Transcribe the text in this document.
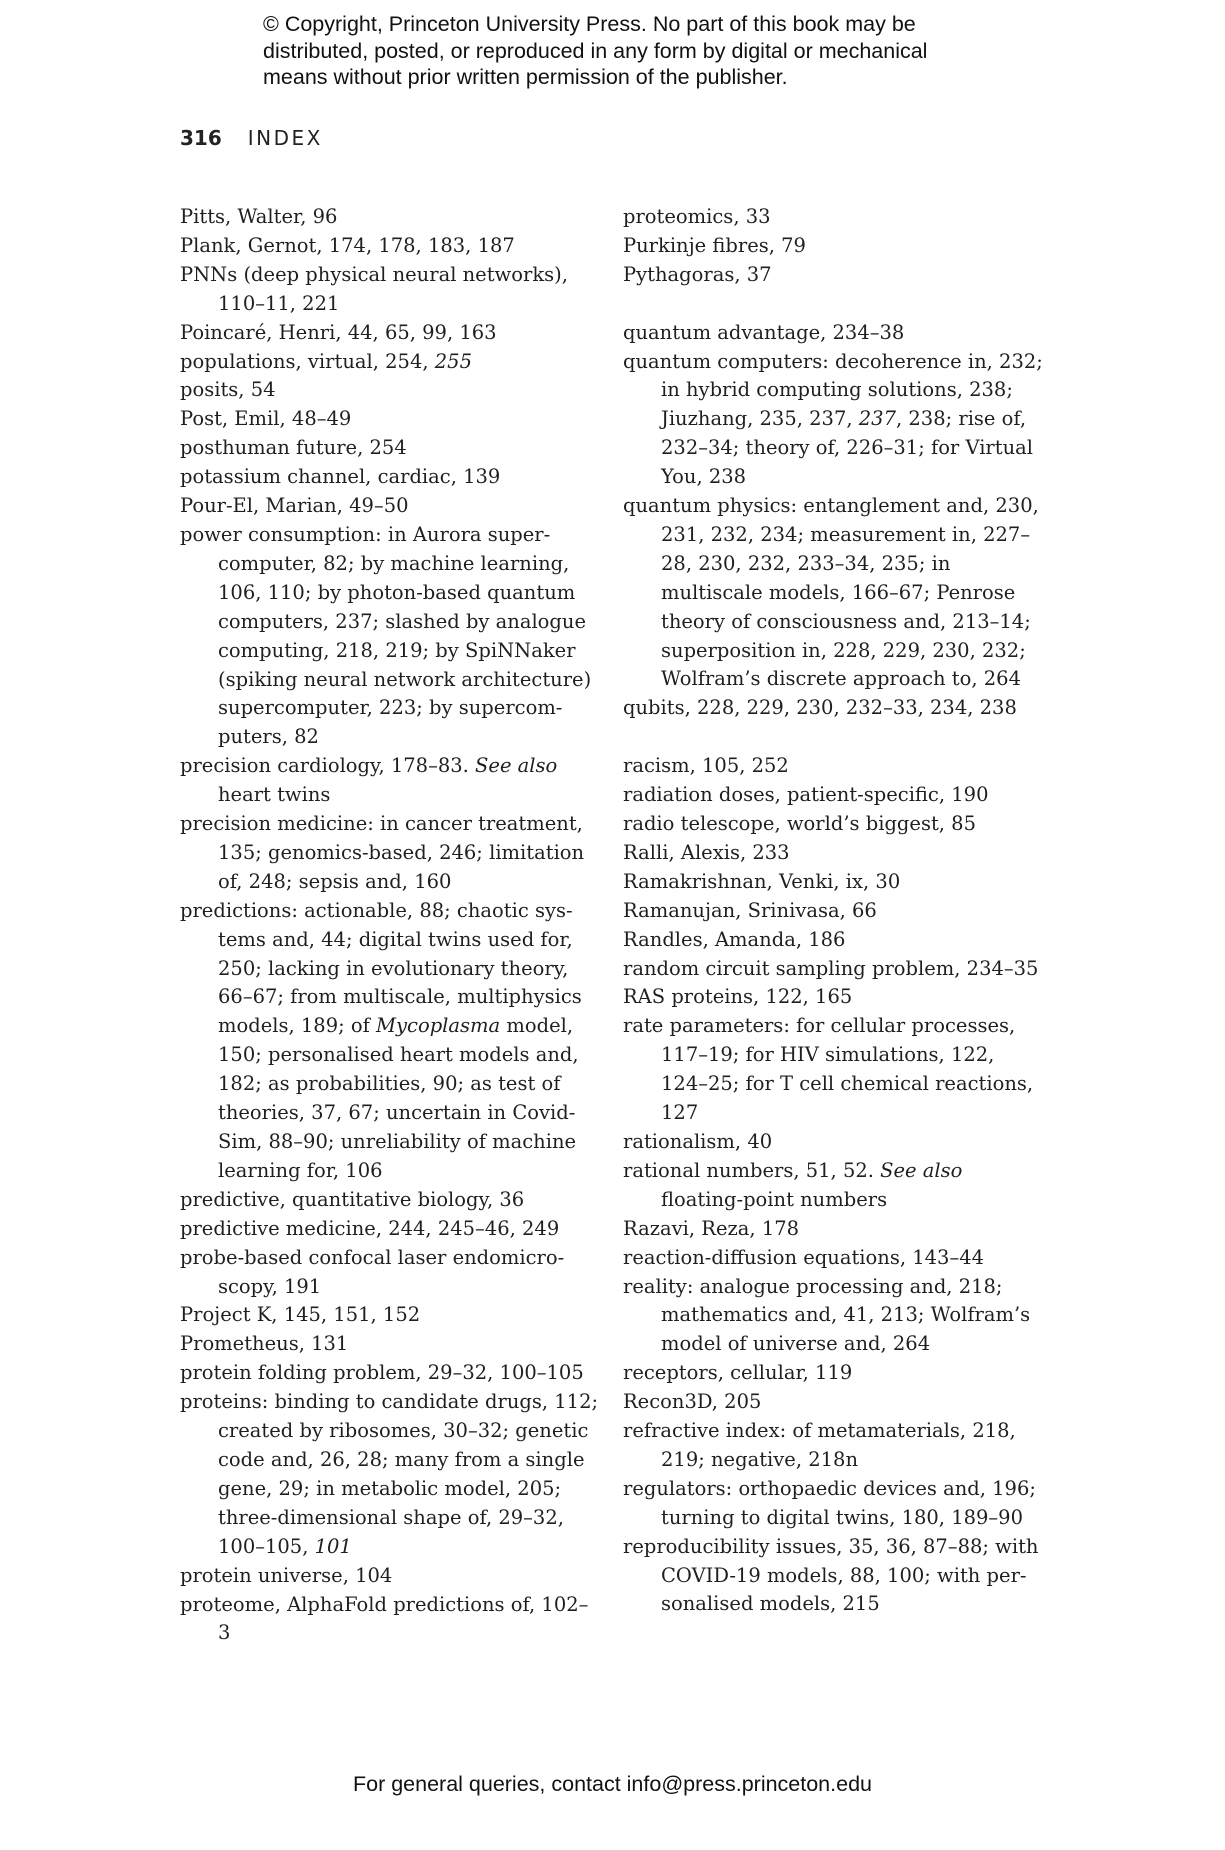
© Copyright, Princeton University Press. No part of this book may be
distributed, posted, or reproduced in any form by digital or mechanical
means without prior written permission of the publisher.
316 INDEX
Pitts, Walter, 96
Plank, Gernot, 174, 178, 183, 187
PNNs (deep physical neural networks), 110–11, 221
Poincaré, Henri, 44, 65, 99, 163
populations, virtual, 254, 255
posits, 54
Post, Emil, 48–49
posthuman future, 254
potassium channel, cardiac, 139
Pour-El, Marian, 49–50
power consumption: in Aurora super-computer, 82; by machine learning, 106, 110; by photon-based quantum computers, 237; slashed by analogue computing, 218, 219; by SpiNNaker (spiking neural network architecture) supercomputer, 223; by supercom-puters, 82
precision cardiology, 178–83. See also heart twins
precision medicine: in cancer treatment, 135; genomics-based, 246; limitation of, 248; sepsis and, 160
predictions: actionable, 88; chaotic sys-tems and, 44; digital twins used for, 250; lacking in evolutionary theory, 66–67; from multiscale, multiphysics models, 189; of Mycoplasma model, 150; personalised heart models and, 182; as probabilities, 90; as test of theories, 37, 67; uncertain in Covid-Sim, 88–90; unreliability of machine learning for, 106
predictive, quantitative biology, 36
predictive medicine, 244, 245–46, 249
probe-based confocal laser endomicro-scopy, 191
Project K, 145, 151, 152
Prometheus, 131
protein folding problem, 29–32, 100–105
proteins: binding to candidate drugs, 112; created by ribosomes, 30–32; genetic code and, 26, 28; many from a single gene, 29; in metabolic model, 205; three-dimensional shape of, 29–32, 100–105, 101
protein universe, 104
proteome, AlphaFold predictions of, 102–3
proteomics, 33
Purkinje fibres, 79
Pythagoras, 37
quantum advantage, 234–38
quantum computers: decoherence in, 232; in hybrid computing solutions, 238; Jiuzhang, 235, 237, 237, 238; rise of, 232–34; theory of, 226–31; for Virtual You, 238
quantum physics: entanglement and, 230, 231, 232, 234; measurement in, 227–28, 230, 232, 233–34, 235; in multiscale models, 166–67; Penrose theory of consciousness and, 213–14; superposition in, 228, 229, 230, 232; Wolfram’s discrete approach to, 264
qubits, 228, 229, 230, 232–33, 234, 238
racism, 105, 252
radiation doses, patient-specific, 190
radio telescope, world’s biggest, 85
Ralli, Alexis, 233
Ramakrishnan, Venki, ix, 30
Ramanujan, Srinivasa, 66
Randles, Amanda, 186
random circuit sampling problem, 234–35
RAS proteins, 122, 165
rate parameters: for cellular processes, 117–19; for HIV simulations, 122, 124–25; for T cell chemical reactions, 127
rationalism, 40
rational numbers, 51, 52. See also floating-point numbers
Razavi, Reza, 178
reaction-diffusion equations, 143–44
reality: analogue processing and, 218; mathematics and, 41, 213; Wolfram’s model of universe and, 264
receptors, cellular, 119
Recon3D, 205
refractive index: of metamaterials, 218, 219; negative, 218n
regulators: orthopaedic devices and, 196; turning to digital twins, 180, 189–90
reproducibility issues, 35, 36, 87–88; with COVID-19 models, 88, 100; with per-sonalised models, 215
For general queries, contact info@press.princeton.edu
